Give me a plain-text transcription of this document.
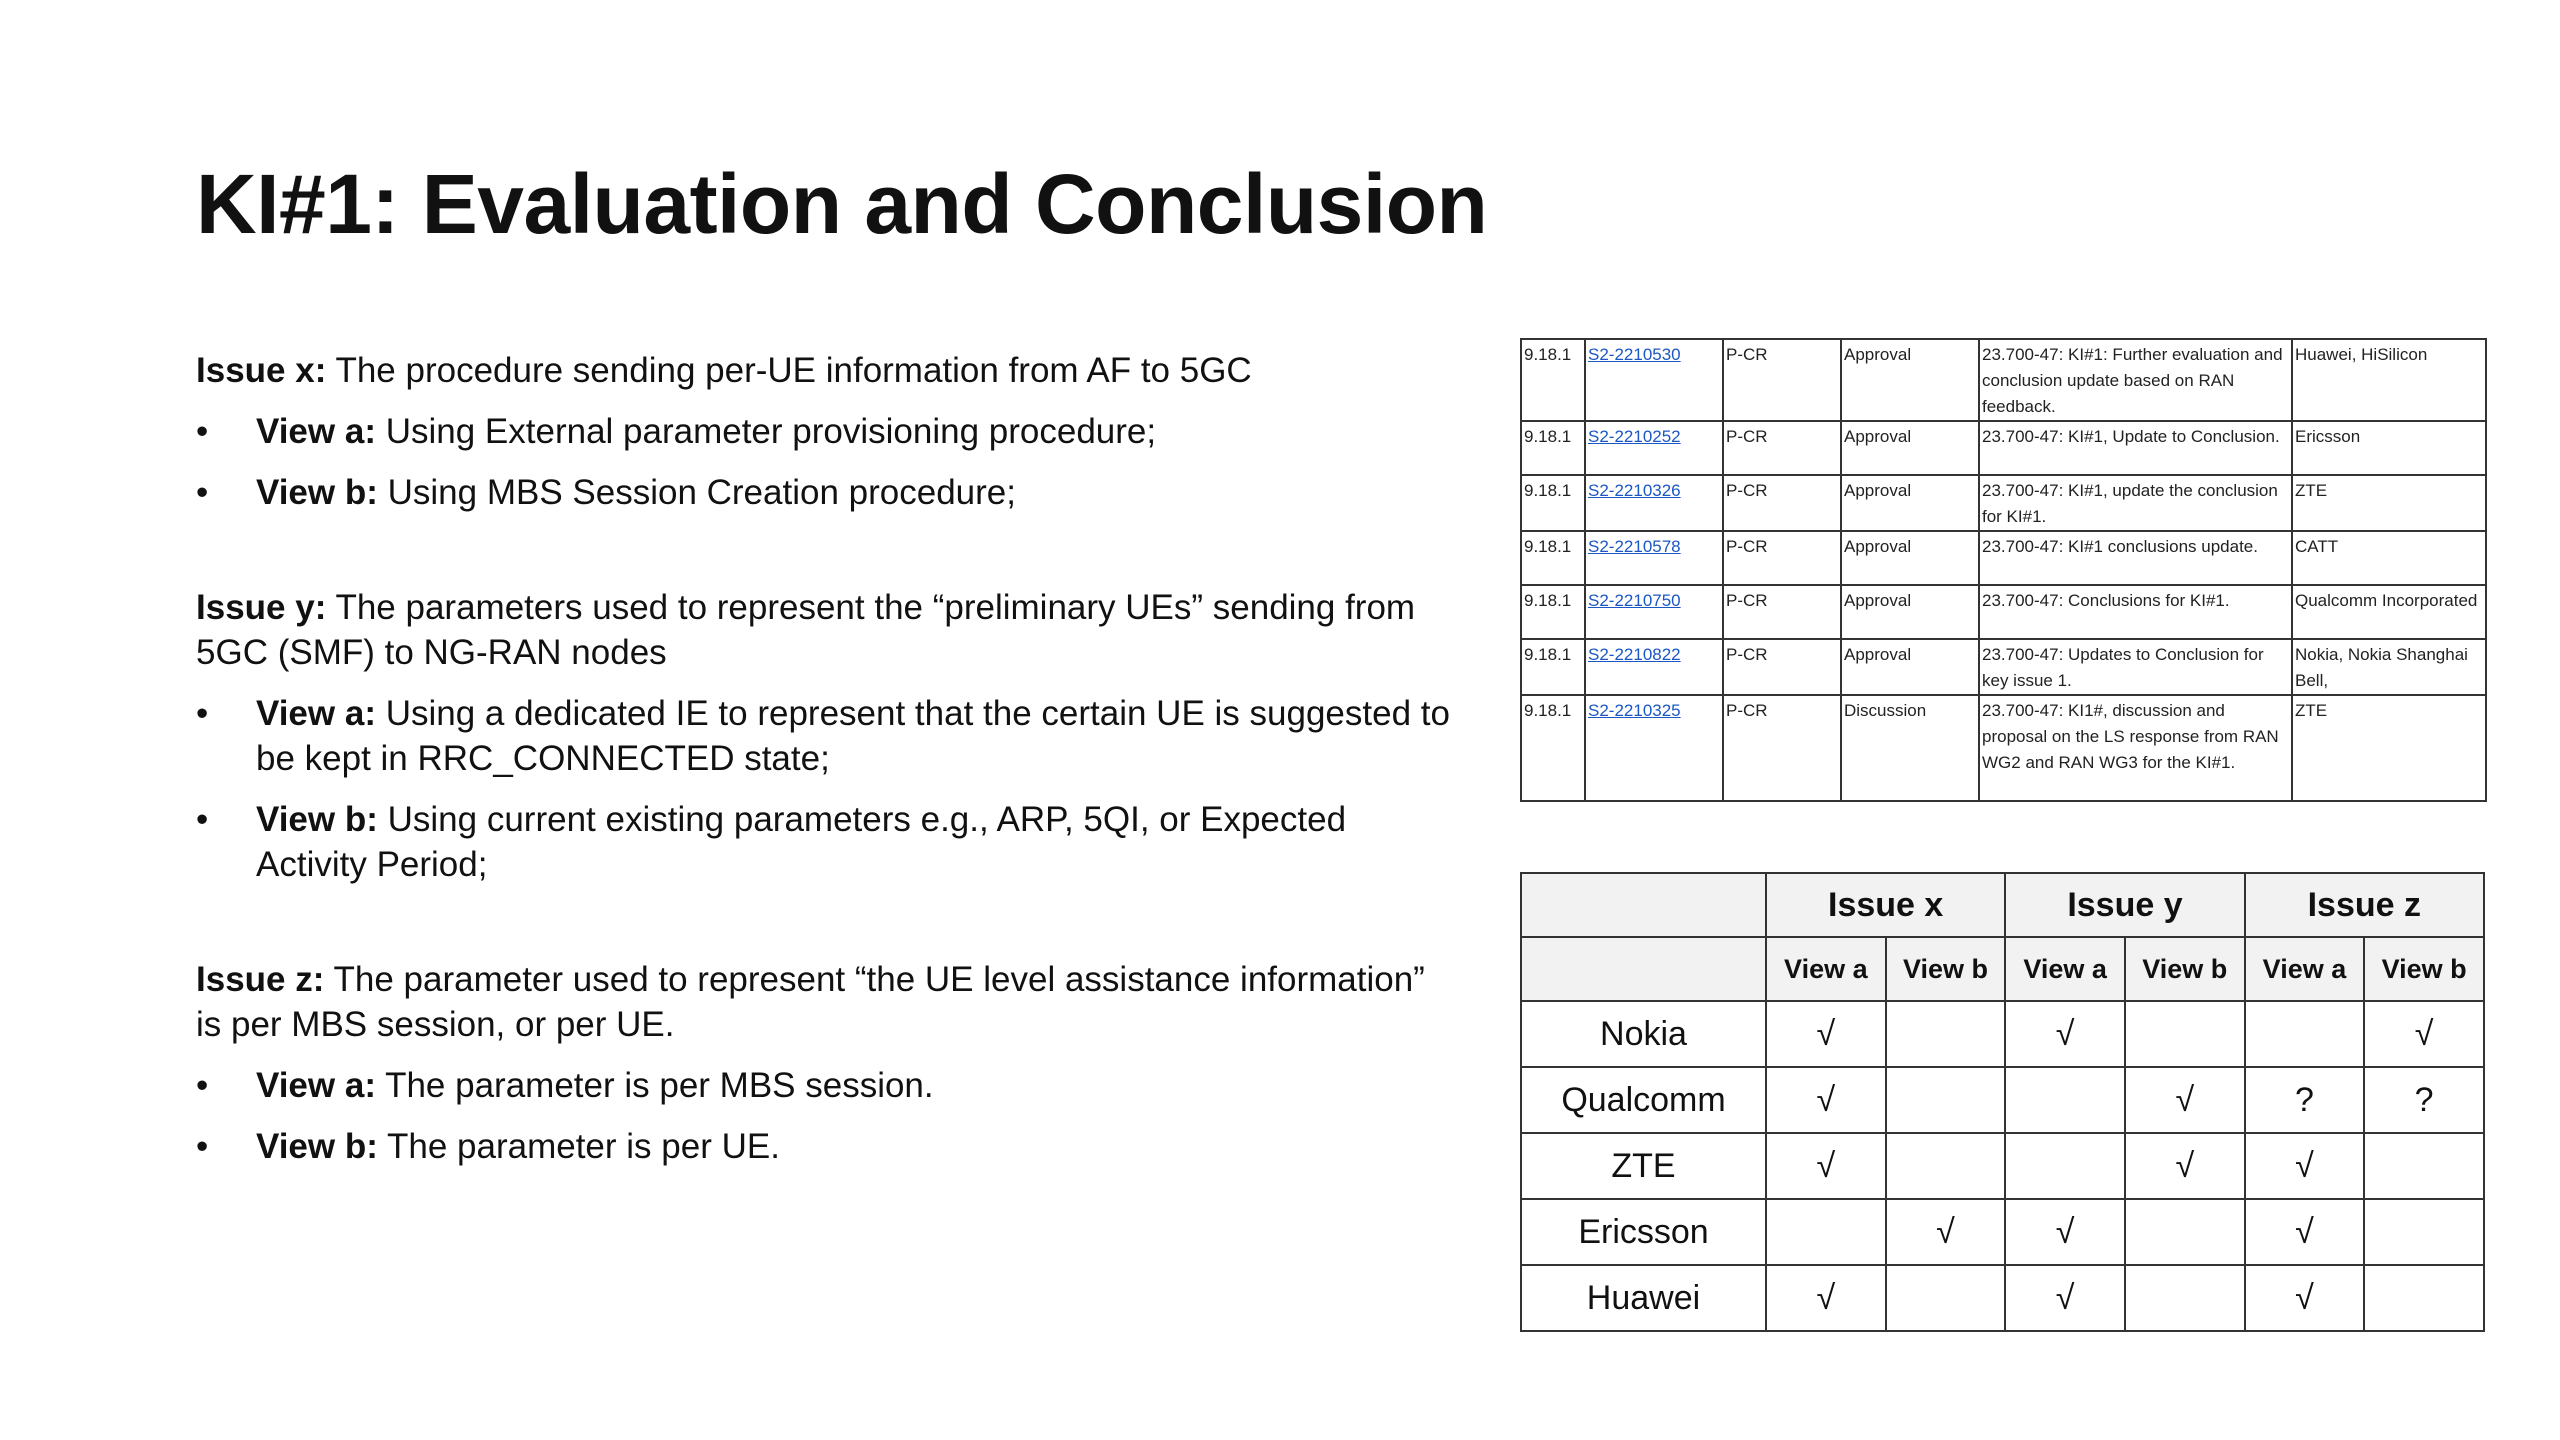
KI#1: Evaluation and Conclusion

Issue x: The procedure sending per-UE information from AF to 5GC

• View a: Using External parameter provisioning procedure;
• View b: Using MBS Session Creation procedure;

Issue y: The parameters used to represent the “preliminary UEs” sending from 5GC (SMF) to NG-RAN nodes

• View a: Using a dedicated IE to represent that the certain UE is suggested to be kept in RRC_CONNECTED state;
• View b: Using current existing parameters e.g., ARP, 5QI, or Expected Activity Period;

Issue z: The parameter used to represent “the UE level assistance information” is per MBS session, or per UE.

• View a: The parameter is per MBS session.
• View b: The parameter is per UE.
9.18.1	S2-2210530	P-CR	Approval	23.700-47: KI#1: Further evaluation and conclusion update based on RAN feedback.	Huawei, HiSilicon
9.18.1	S2-2210252	P-CR	Approval	23.700-47: KI#1, Update to Conclusion.	Ericsson
9.18.1	S2-2210326	P-CR	Approval	23.700-47: KI#1, update the conclusion for KI#1.	ZTE
9.18.1	S2-2210578	P-CR	Approval	23.700-47: KI#1 conclusions update.	CATT
9.18.1	S2-2210750	P-CR	Approval	23.700-47: Conclusions for KI#1.	Qualcomm Incorporated
9.18.1	S2-2210822	P-CR	Approval	23.700-47: Updates to Conclusion for key issue 1.	Nokia, Nokia Shanghai Bell,
9.18.1	S2-2210325	P-CR	Discussion	23.700-47: KI1#, discussion and proposal on the LS response from RAN WG2 and RAN WG3 for the KI#1.	ZTE
	Issue x		Issue y		Issue z	
	View a	View b	View a	View b	View a	View b
Nokia	√		√			√
Qualcomm	√			√	?	?
ZTE	√			√	√	
Ericsson		√	√		√	
Huawei	√		√		√	
